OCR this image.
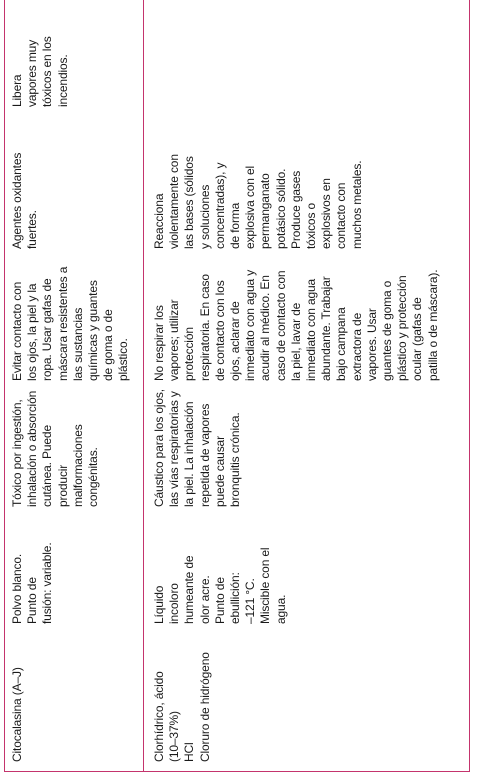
Citocalasina (A–J)
Polvo blanco. Punto de fusión: variable.
Tóxico por ingestión, inhalación o absorción cutánea. Puede producir malformaciones congénitas.
Evitar contacto con los ojos, la piel y la ropa. Usar gafas de máscara resistentes a las sustancias químicas y guantes de goma o de plástico.
Agentes oxidantes fuertes.
Libera vapores muy tóxicos en los incendios.
Clorhídrico, ácido (10–37%) HCl Cloruro de hidrógeno
Líquido incoloro humeante de olor acre. Punto de ebullición: –121 °C. Miscible con el agua.
Cáustico para los ojos, las vías respiratorias y la piel. La inhalación repetida de vapores puede causar bronquitis crónica.
No respirar los vapores; utilizar protección respiratoria. En caso de contacto con los ojos, aclarar de inmediato con agua y acudir al médico. En caso de contacto con la piel, lavar de inmediato con agua abundante. Trabajar bajo campana extractora de vapores. Usar guantes de goma o plástico y protección ocular (gafas de patilla o de máscara).
Reacciona violentamente con las bases (sólidos y soluciones concentradas), y de forma explosiva con el permanganato potásico sólido. Produce gases tóxicos o explosivos en contacto con muchos metales.
